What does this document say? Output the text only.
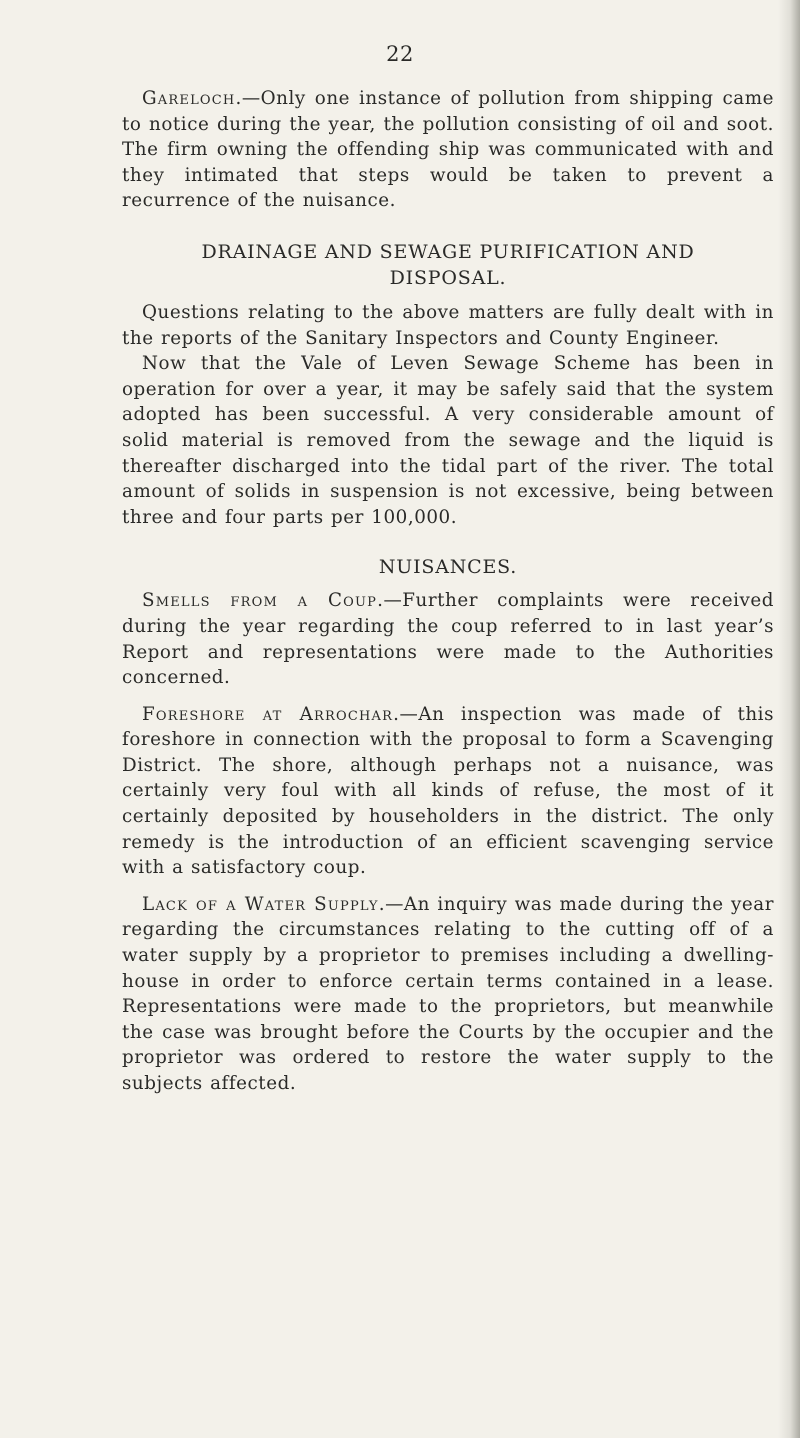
22

Gareloch.—Only one instance of pollution from shipping came to notice during the year, the pollution consisting of oil and soot. The firm owning the offending ship was communicated with and they intimated that steps would be taken to prevent a recurrence of the nuisance.

DRAINAGE AND SEWAGE PURIFICATION AND DISPOSAL.

Questions relating to the above matters are fully dealt with in the reports of the Sanitary Inspectors and County Engineer.

Now that the Vale of Leven Sewage Scheme has been in operation for over a year, it may be safely said that the system adopted has been successful. A very considerable amount of solid material is removed from the sewage and the liquid is thereafter discharged into the tidal part of the river. The total amount of solids in suspension is not excessive, being between three and four parts per 100,000.

NUISANCES.

Smells from a Coup.—Further complaints were received during the year regarding the coup referred to in last year’s Report and representations were made to the Authorities concerned.

Foreshore at Arrochar.—An inspection was made of this foreshore in connection with the proposal to form a Scavenging District. The shore, although perhaps not a nuisance, was certainly very foul with all kinds of refuse, the most of it certainly deposited by householders in the district. The only remedy is the introduction of an efficient scavenging service with a satisfactory coup.

Lack of a Water Supply.—An inquiry was made during the year regarding the circumstances relating to the cutting off of a water supply by a proprietor to premises including a dwelling-house in order to enforce certain terms contained in a lease. Representations were made to the proprietors, but meanwhile the case was brought before the Courts by the occupier and the proprietor was ordered to restore the water supply to the subjects affected.
